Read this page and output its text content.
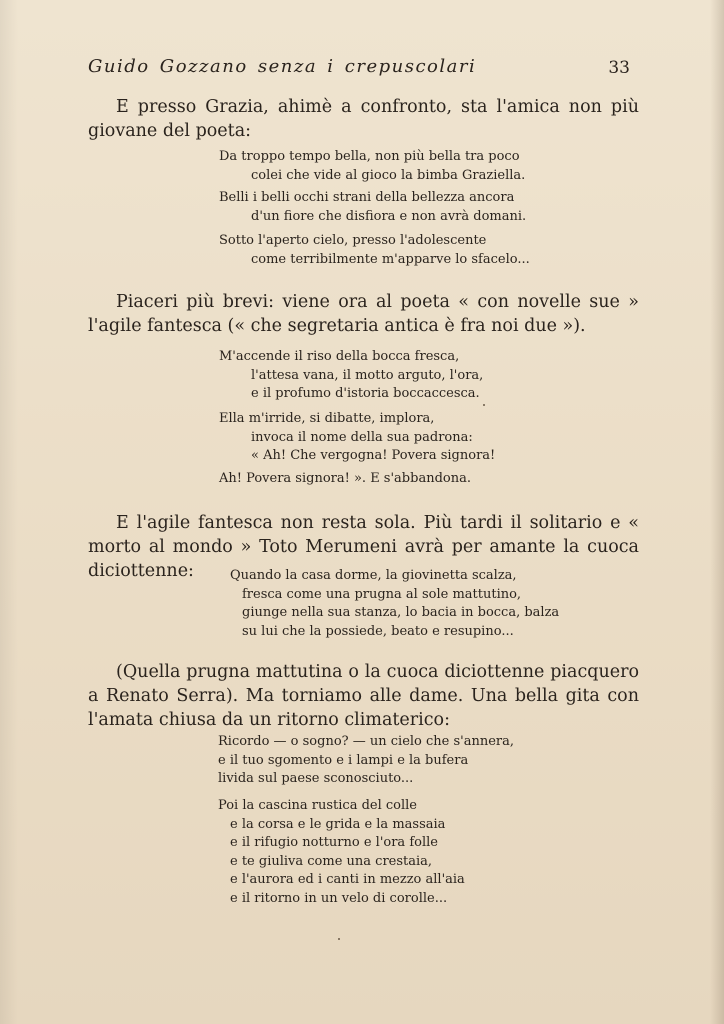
Guido Gozzano senza i crepuscolari	33
E presso Grazia, ahimè a confronto, sta l'amica non più giovane del poeta:
Da troppo tempo bella, non più bella tra poco
colei che vide al gioco la bimba Graziella.
Belli i belli occhi strani della bellezza ancora
d'un fiore che disfiora e non avrà domani.
Sotto l'aperto cielo, presso l'adolescente
come terribilmente m'apparve lo sfacelo...
Piaceri più brevi: viene ora al poeta « con novelle sue » l'agile fantesca (« che segretaria antica è fra noi due »).
M'accende il riso della bocca fresca,
l'attesa vana, il motto arguto, l'ora,
e il profumo d'istoria boccaccesca.
Ella m'irride, si dibatte, implora,
invoca il nome della sua padrona:
« Ah! Che vergogna! Povera signora!
Ah! Povera signora! ». E s'abbandona.
E l'agile fantesca non resta sola. Più tardi il solitario e « morto al mondo » Toto Merumeni avrà per amante la cuoca diciottenne:	Quando la casa dorme, la giovinetta scalza,
fresca come una prugna al sole mattutino,
giunge nella sua stanza, lo bacia in bocca, balza
su lui che la possiede, beato e resupino...
(Quella prugna mattutina o la cuoca diciottenne piacquero a Renato Serra). Ma torniamo alle dame. Una bella gita con l'amata chiusa da un ritorno climaterico:
Ricordo — o sogno? — un cielo che s'annera,
e il tuo sgomento e i lampi e la bufera
livida sul paese sconosciuto...
Poi la cascina rustica del colle
e la corsa e le grida e la massaia
e il rifugio notturno e l'ora folle
e te giuliva come una crestaia,
e l'aurora ed i canti in mezzo all'aia
e il ritorno in un velo di corolle...
